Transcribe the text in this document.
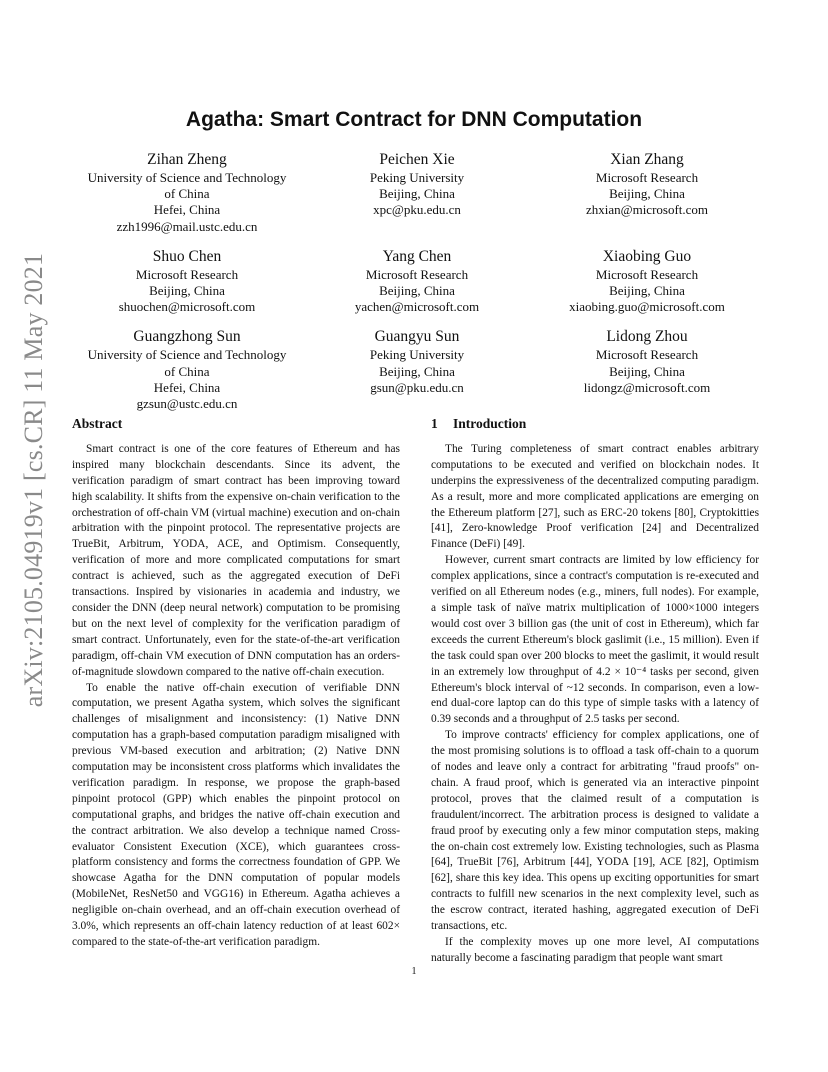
arXiv:2105.04919v1 [cs.CR] 11 May 2021
Agatha: Smart Contract for DNN Computation
Zihan Zheng
University of Science and Technology
of China
Hefei, China
zzh1996@mail.ustc.edu.cn
Peichen Xie
Peking University
Beijing, China
xpc@pku.edu.cn
Xian Zhang
Microsoft Research
Beijing, China
zhxian@microsoft.com
Shuo Chen
Microsoft Research
Beijing, China
shuochen@microsoft.com
Yang Chen
Microsoft Research
Beijing, China
yachen@microsoft.com
Xiaobing Guo
Microsoft Research
Beijing, China
xiaobing.guo@microsoft.com
Guangzhong Sun
University of Science and Technology
of China
Hefei, China
gzsun@ustc.edu.cn
Guangyu Sun
Peking University
Beijing, China
gsun@pku.edu.cn
Lidong Zhou
Microsoft Research
Beijing, China
lidongz@microsoft.com
Abstract

Smart contract is one of the core features of Ethereum and has inspired many blockchain descendants. Since its advent, the verification paradigm of smart contract has been improving toward high scalability. It shifts from the expensive on-chain verification to the orchestration of off-chain VM (virtual machine) execution and on-chain arbitration with the pinpoint protocol. The representative projects are TrueBit, Arbitrum, YODA, ACE, and Optimism. Consequently, verification of more and more complicated computations for smart contract is achieved, such as the aggregated execution of DeFi transactions. Inspired by visionaries in academia and industry, we consider the DNN (deep neural network) computation to be promising but on the next level of complexity for the verification paradigm of smart contract. Unfortunately, even for the state-of-the-art verification paradigm, off-chain VM execution of DNN computation has an orders-of-magnitude slowdown compared to the native off-chain execution.

To enable the native off-chain execution of verifiable DNN computation, we present Agatha system, which solves the significant challenges of misalignment and inconsistency: (1) Native DNN computation has a graph-based computation paradigm misaligned with previous VM-based execution and arbitration; (2) Native DNN computation may be inconsistent cross platforms which invalidates the verification paradigm. In response, we propose the graph-based pinpoint protocol (GPP) which enables the pinpoint protocol on computational graphs, and bridges the native off-chain execution and the contract arbitration. We also develop a technique named Cross-evaluator Consistent Execution (XCE), which guarantees cross-platform consistency and forms the correctness foundation of GPP. We showcase Agatha for the DNN computation of popular models (MobileNet, ResNet50 and VGG16) in Ethereum. Agatha achieves a negligible on-chain overhead, and an off-chain execution overhead of 3.0%, which represents an off-chain latency reduction of at least 602× compared to the state-of-the-art verification paradigm.

1 Introduction

The Turing completeness of smart contract enables arbitrary computations to be executed and verified on blockchain nodes. It underpins the expressiveness of the decentralized computing paradigm. As a result, more and more complicated applications are emerging on the Ethereum platform [27], such as ERC-20 tokens [80], Cryptokitties [41], Zero-knowledge Proof verification [24] and Decentralized Finance (DeFi) [49].

However, current smart contracts are limited by low efficiency for complex applications, since a contract's computation is re-executed and verified on all Ethereum nodes (e.g., miners, full nodes). For example, a simple task of naïve matrix multiplication of 1000×1000 integers would cost over 3 billion gas (the unit of cost in Ethereum), which far exceeds the current Ethereum's block gaslimit (i.e., 15 million). Even if the task could span over 200 blocks to meet the gaslimit, it would result in an extremely low throughput of 4.2 × 10⁻⁴ tasks per second, given Ethereum's block interval of ~12 seconds. In comparison, even a low-end dual-core laptop can do this type of simple tasks with a latency of 0.39 seconds and a throughput of 2.5 tasks per second.

To improve contracts' efficiency for complex applications, one of the most promising solutions is to offload a task off-chain to a quorum of nodes and leave only a contract for arbitrating "fraud proofs" on-chain. A fraud proof, which is generated via an interactive pinpoint protocol, proves that the claimed result of a computation is fraudulent/incorrect. The arbitration process is designed to validate a fraud proof by executing only a few minor computation steps, making the on-chain cost extremely low. Existing technologies, such as Plasma [64], TrueBit [76], Arbitrum [44], YODA [19], ACE [82], Optimism [62], share this key idea. This opens up exciting opportunities for smart contracts to fulfill new scenarios in the next complexity level, such as the escrow contract, iterated hashing, aggregated execution of DeFi transactions, etc.

If the complexity moves up one more level, AI computations naturally become a fascinating paradigm that people want smart

1
